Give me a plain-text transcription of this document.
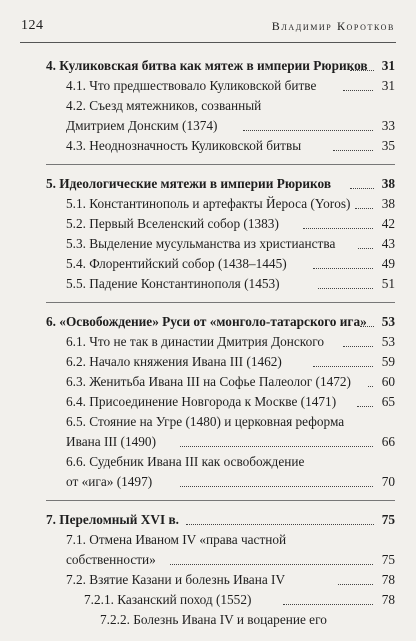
124	Владимир Коротков
4. Куликовская битва как мятеж в империи Рюриков 31
4.1. Что предшествовало Куликовской битве	31
4.2. Съезд мятежников, созванный
Дмитрием Донским (1374)	33
4.3. Неоднозначность Куликовской битвы	35
5. Идеологические мятежи в империи Рюриков	38
5.1. Константинополь и артефакты Йероса (Yoros) 38
5.2. Первый Вселенский собор (1383)	42
5.3. Выделение мусульманства из христианства	43
5.4. Флорентийский собор (1438–1445)	49
5.5. Падение Константинополя (1453)	51
6. «Освобождение» Руси от «монголо-татарского ига» 53
6.1. Что не так в династии Дмитрия Донского	53
6.2. Начало княжения Ивана III (1462)	59
6.3. Женитьба Ивана III на Софье Палеолог (1472) 60
6.4. Присоединение Новгорода к Москве (1471)	65
6.5. Стояние на Угре (1480) и церковная реформа
Ивана III (1490)	66
6.6. Судебник Ивана III как освобождение
от «ига» (1497)	70
7. Переломный XVI в.	75
7.1. Отмена Иваном IV «права частной
собственности»	75
7.2. Взятие Казани и болезнь Ивана IV	78
7.2.1. Казанский поход (1552)	78
7.2.2. Болезнь Ивана IV и воцарение его
